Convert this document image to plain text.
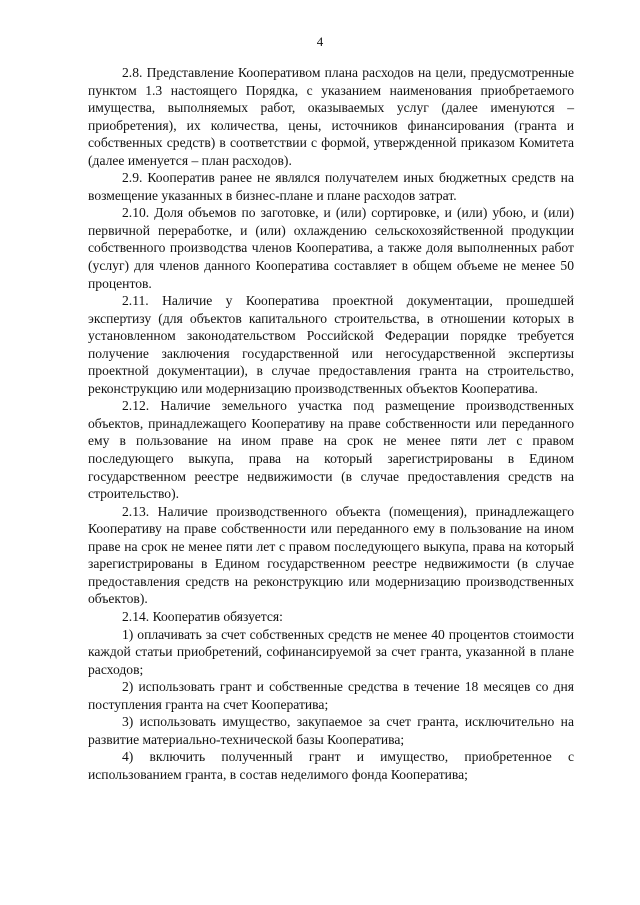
4

2.8. Представление Кооперативом плана расходов на цели, предусмотренные пунктом 1.3 настоящего Порядка, с указанием наименования приобретаемого имущества, выполняемых работ, оказываемых услуг (далее именуются – приобретения), их количества, цены, источников финансирования (гранта и собственных средств) в соответствии с формой, утвержденной приказом Комитета (далее именуется – план расходов).

2.9. Кооператив ранее не являлся получателем иных бюджетных средств на возмещение указанных в бизнес-плане и плане расходов затрат.

2.10. Доля объемов по заготовке, и (или) сортировке, и (или) убою, и (или) первичной переработке, и (или) охлаждению сельскохозяйственной продукции собственного производства членов Кооператива, а также доля выполненных работ (услуг) для членов данного Кооператива составляет в общем объеме не менее 50 процентов.

2.11. Наличие у Кооператива проектной документации, прошедшей экспертизу (для объектов капитального строительства, в отношении которых в установленном законодательством Российской Федерации порядке требуется получение заключения государственной или негосударственной экспертизы проектной документации), в случае предоставления гранта на строительство, реконструкцию или модернизацию производственных объектов Кооператива.

2.12. Наличие земельного участка под размещение производственных объектов, принадлежащего Кооперативу на праве собственности или переданного ему в пользование на ином праве на срок не менее пяти лет с правом последующего выкупа, права на который зарегистрированы в Едином государственном реестре недвижимости (в случае предоставления средств на строительство).

2.13. Наличие производственного объекта (помещения), принадлежащего Кооперативу на праве собственности или переданного ему в пользование на ином праве на срок не менее пяти лет с правом последующего выкупа, права на который зарегистрированы в Едином государственном реестре недвижимости (в случае предоставления средств на реконструкцию или модернизацию производственных объектов).

2.14. Кооператив обязуется:

1) оплачивать за счет собственных средств не менее 40 процентов стоимости каждой статьи приобретений, софинансируемой за счет гранта, указанной в плане расходов;

2) использовать грант и собственные средства в течение 18 месяцев со дня поступления гранта на счет Кооператива;

3) использовать имущество, закупаемое за счет гранта, исключительно на развитие материально-технической базы Кооператива;

4) включить полученный грант и имущество, приобретенное с использованием гранта, в состав неделимого фонда Кооператива;
